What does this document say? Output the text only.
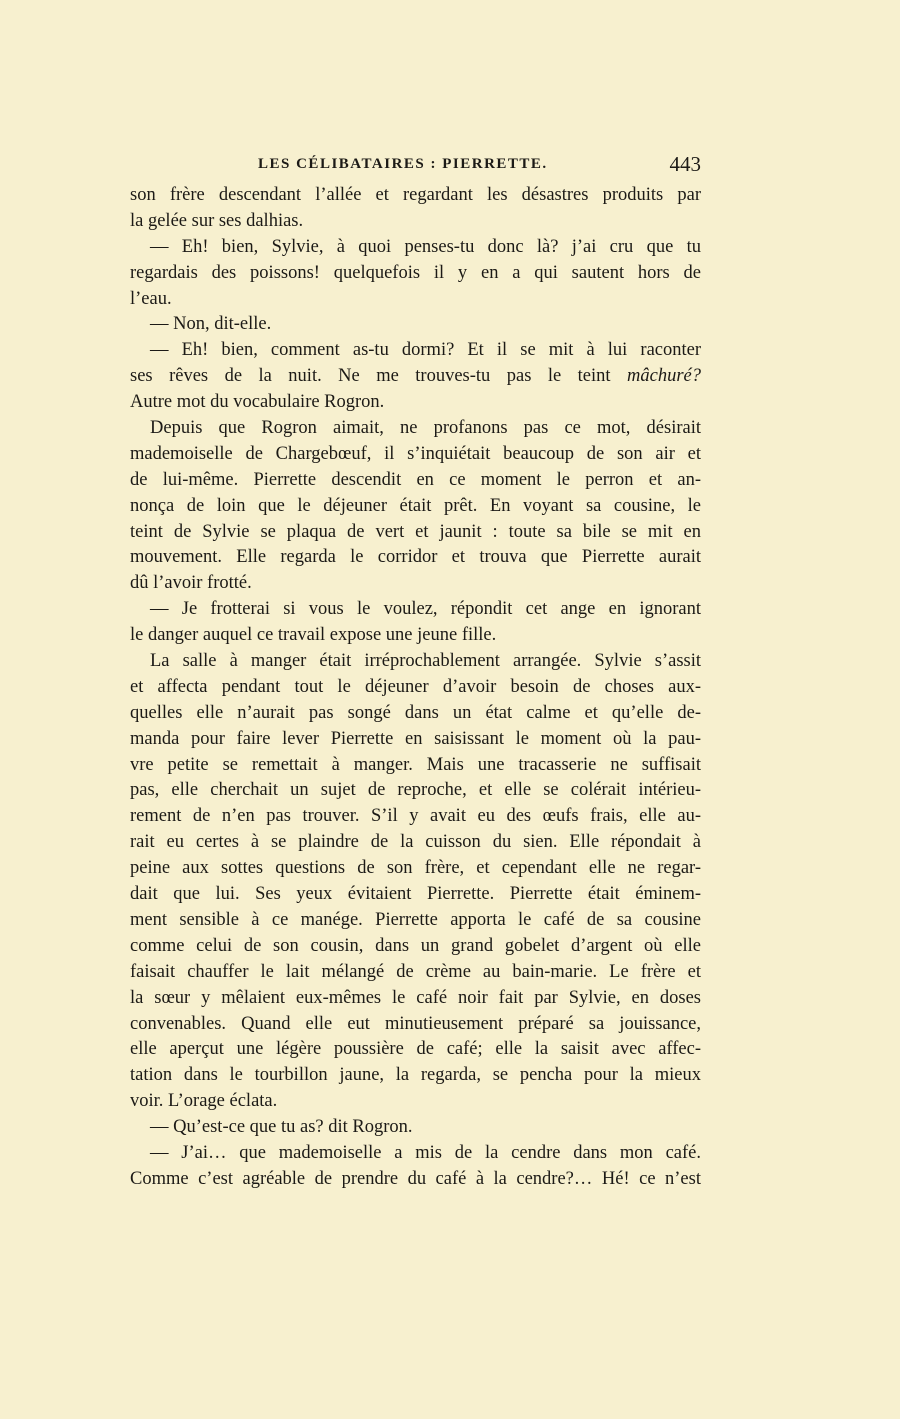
LES CÉLIBATAIRES : PIERRETTE.	443
son frère descendant l’allée et regardant les désastres produits par
la gelée sur ses dalhias.
— Eh! bien, Sylvie, à quoi penses-tu donc là? j’ai cru que tu
regardais des poissons! quelquefois il y en a qui sautent hors de
l’eau.
— Non, dit-elle.
— Eh! bien, comment as-tu dormi? Et il se mit à lui raconter
ses rêves de la nuit. Ne me trouves-tu pas le teint mâchuré?
Autre mot du vocabulaire Rogron.
Depuis que Rogron aimait, ne profanons pas ce mot, désirait
mademoiselle de Chargebœuf, il s’inquiétait beaucoup de son air et
de lui-même. Pierrette descendit en ce moment le perron et an-
nonça de loin que le déjeuner était prêt. En voyant sa cousine, le
teint de Sylvie se plaqua de vert et jaunit : toute sa bile se mit en
mouvement. Elle regarda le corridor et trouva que Pierrette aurait
dû l’avoir frotté.
— Je frotterai si vous le voulez, répondit cet ange en ignorant
le danger auquel ce travail expose une jeune fille.
La salle à manger était irréprochablement arrangée. Sylvie s’assit
et affecta pendant tout le déjeuner d’avoir besoin de choses aux-
quelles elle n’aurait pas songé dans un état calme et qu’elle de-
manda pour faire lever Pierrette en saisissant le moment où la pau-
vre petite se remettait à manger. Mais une tracasserie ne suffisait
pas, elle cherchait un sujet de reproche, et elle se colérait intérieu-
rement de n’en pas trouver. S’il y avait eu des œufs frais, elle au-
rait eu certes à se plaindre de la cuisson du sien. Elle répondait à
peine aux sottes questions de son frère, et cependant elle ne regar-
dait que lui. Ses yeux évitaient Pierrette. Pierrette était éminem-
ment sensible à ce manége. Pierrette apporta le café de sa cousine
comme celui de son cousin, dans un grand gobelet d’argent où elle
faisait chauffer le lait mélangé de crème au bain-marie. Le frère et
la sœur y mêlaient eux-mêmes le café noir fait par Sylvie, en doses
convenables. Quand elle eut minutieusement préparé sa jouissance,
elle aperçut une légère poussière de café; elle la saisit avec affec-
tation dans le tourbillon jaune, la regarda, se pencha pour la mieux
voir. L’orage éclata.
— Qu’est-ce que tu as? dit Rogron.
— J’ai… que mademoiselle a mis de la cendre dans mon café.
Comme c’est agréable de prendre du café à la cendre?… Hé! ce n’est
